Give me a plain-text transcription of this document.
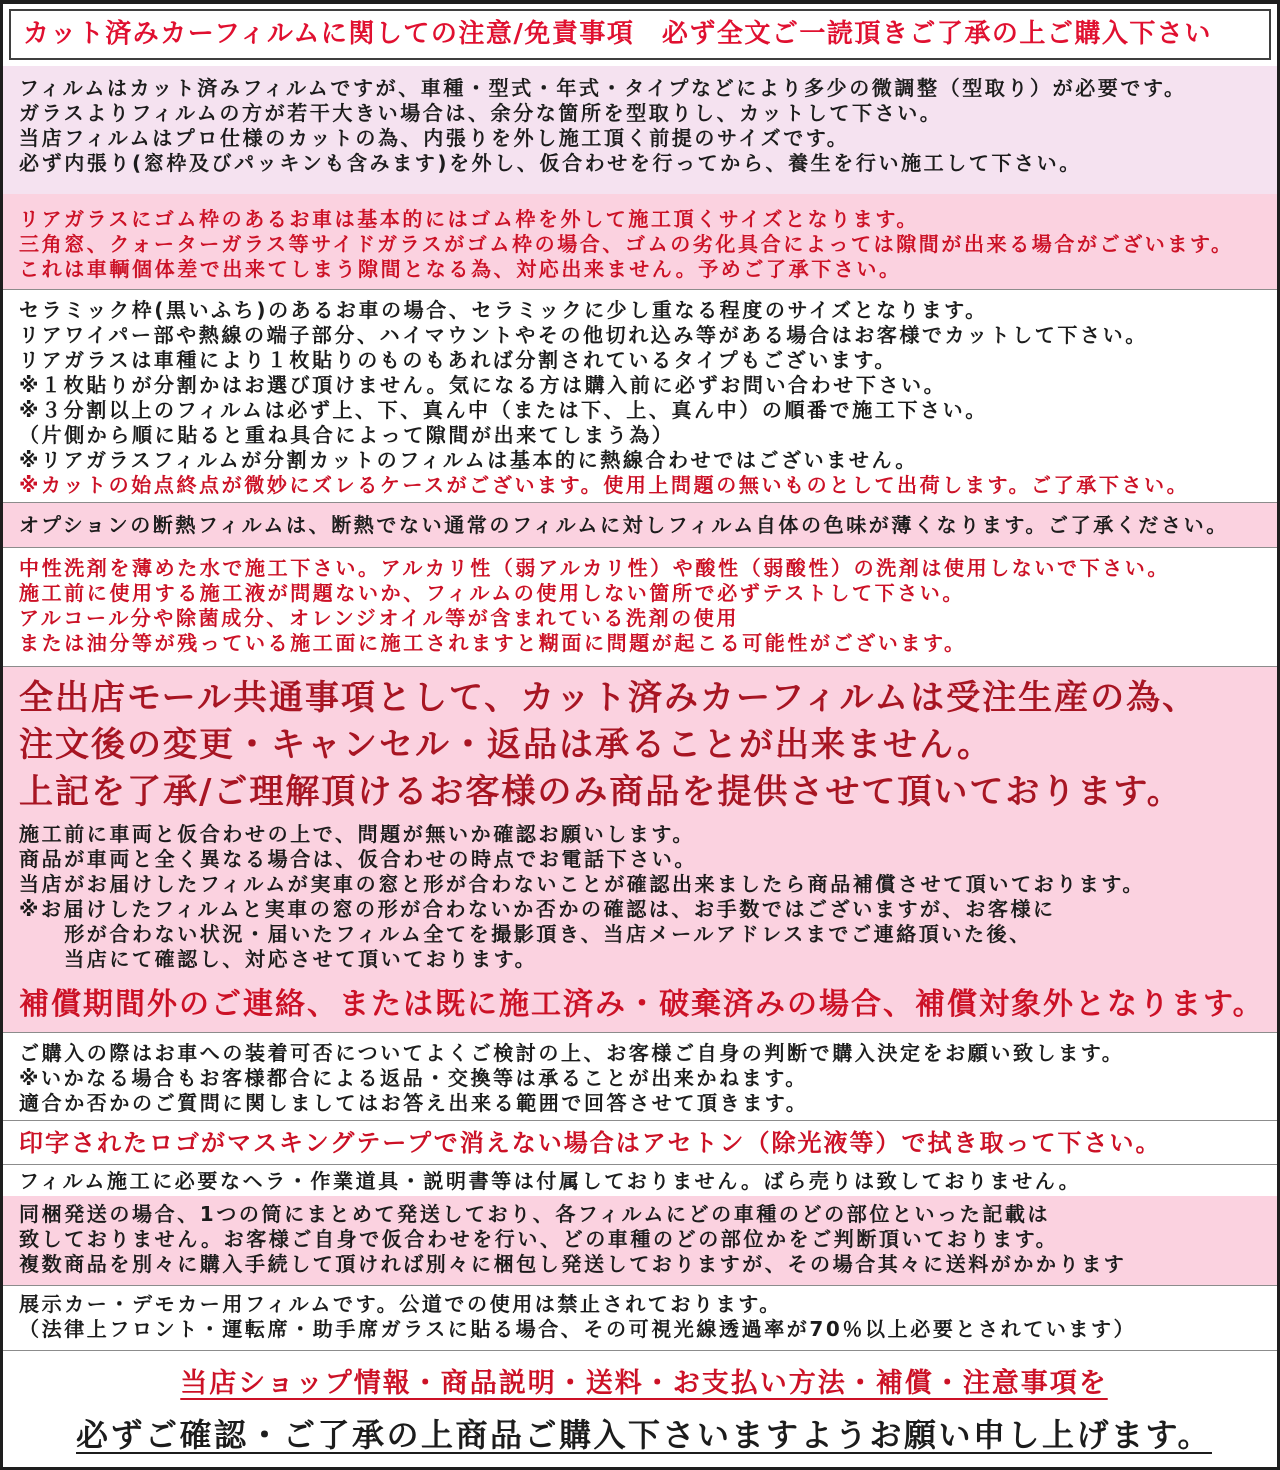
カット済みカーフィルムに関しての注意/免責事項　必ず全文ご一読頂きご了承の上ご購入下さい
フィルムはカット済みフィルムですが、車種・型式・年式・タイプなどにより多少の微調整（型取り）が必要です。
ガラスよりフィルムの方が若干大きい場合は、余分な箇所を型取りし、カットして下さい。
当店フィルムはプロ仕様のカットの為、内張りを外し施工頂く前提のサイズです。
必ず内張り(窓枠及びパッキンも含みます)を外し、仮合わせを行ってから、養生を行い施工して下さい。
リアガラスにゴム枠のあるお車は基本的にはゴム枠を外して施工頂くサイズとなります。
三角窓、クォーターガラス等サイドガラスがゴム枠の場合、ゴムの劣化具合によっては隙間が出来る場合がございます。
これは車輌個体差で出来てしまう隙間となる為、対応出来ません。予めご了承下さい。
セラミック枠(黒いふち)のあるお車の場合、セラミックに少し重なる程度のサイズとなります。
リアワイパー部や熱線の端子部分、ハイマウントやその他切れ込み等がある場合はお客様でカットして下さい。
リアガラスは車種により１枚貼りのものもあれば分割されているタイプもございます。
※１枚貼りが分割かはお選び頂けません。気になる方は購入前に必ずお問い合わせ下さい。
※３分割以上のフィルムは必ず上、下、真ん中（または下、上、真ん中）の順番で施工下さい。
（片側から順に貼ると重ね具合によって隙間が出来てしまう為）
※リアガラスフィルムが分割カットのフィルムは基本的に熱線合わせではございません。
※カットの始点終点が微妙にズレるケースがございます。使用上問題の無いものとして出荷します。ご了承下さい。
オプションの断熱フィルムは、断熱でない通常のフィルムに対しフィルム自体の色味が薄くなります。ご了承ください。
中性洗剤を薄めた水で施工下さい。アルカリ性（弱アルカリ性）や酸性（弱酸性）の洗剤は使用しないで下さい。
施工前に使用する施工液が問題ないか、フィルムの使用しない箇所で必ずテストして下さい。
アルコール分や除菌成分、オレンジオイル等が含まれている洗剤の使用
または油分等が残っている施工面に施工されますと糊面に問題が起こる可能性がございます。
全出店モール共通事項として、カット済みカーフィルムは受注生産の為、
注文後の変更・キャンセル・返品は承ることが出来ません。
上記を了承/ご理解頂けるお客様のみ商品を提供させて頂いております。
施工前に車両と仮合わせの上で、問題が無いか確認お願いします。
商品が車両と全く異なる場合は、仮合わせの時点でお電話下さい。
当店がお届けしたフィルムが実車の窓と形が合わないことが確認出来ましたら商品補償させて頂いております。
※お届けしたフィルムと実車の窓の形が合わないか否かの確認は、お手数ではございますが、お客様に
　　形が合わない状況・届いたフィルム全てを撮影頂き、当店メールアドレスまでご連絡頂いた後、
　　当店にて確認し、対応させて頂いております。
補償期間外のご連絡、または既に施工済み・破棄済みの場合、補償対象外となります。
ご購入の際はお車への装着可否についてよくご検討の上、お客様ご自身の判断で購入決定をお願い致します。
※いかなる場合もお客様都合による返品・交換等は承ることが出来かねます。
適合か否かのご質問に関しましてはお答え出来る範囲で回答させて頂きます。
印字されたロゴがマスキングテープで消えない場合はアセトン（除光液等）で拭き取って下さい。
フィルム施工に必要なヘラ・作業道具・説明書等は付属しておりません。ばら売りは致しておりません。
同梱発送の場合、1つの筒にまとめて発送しており、各フィルムにどの車種のどの部位といった記載は
致しておりません。お客様ご自身で仮合わせを行い、どの車種のどの部位かをご判断頂いております。
複数商品を別々に購入手続して頂ければ別々に梱包し発送しておりますが、その場合其々に送料がかかります
展示カー・デモカー用フィルムです。公道での使用は禁止されております。
（法律上フロント・運転席・助手席ガラスに貼る場合、その可視光線透過率が70％以上必要とされています）
当店ショップ情報・商品説明・送料・お支払い方法・補償・注意事項を
必ずご確認・ご了承の上商品ご購入下さいますようお願い申し上げます。
